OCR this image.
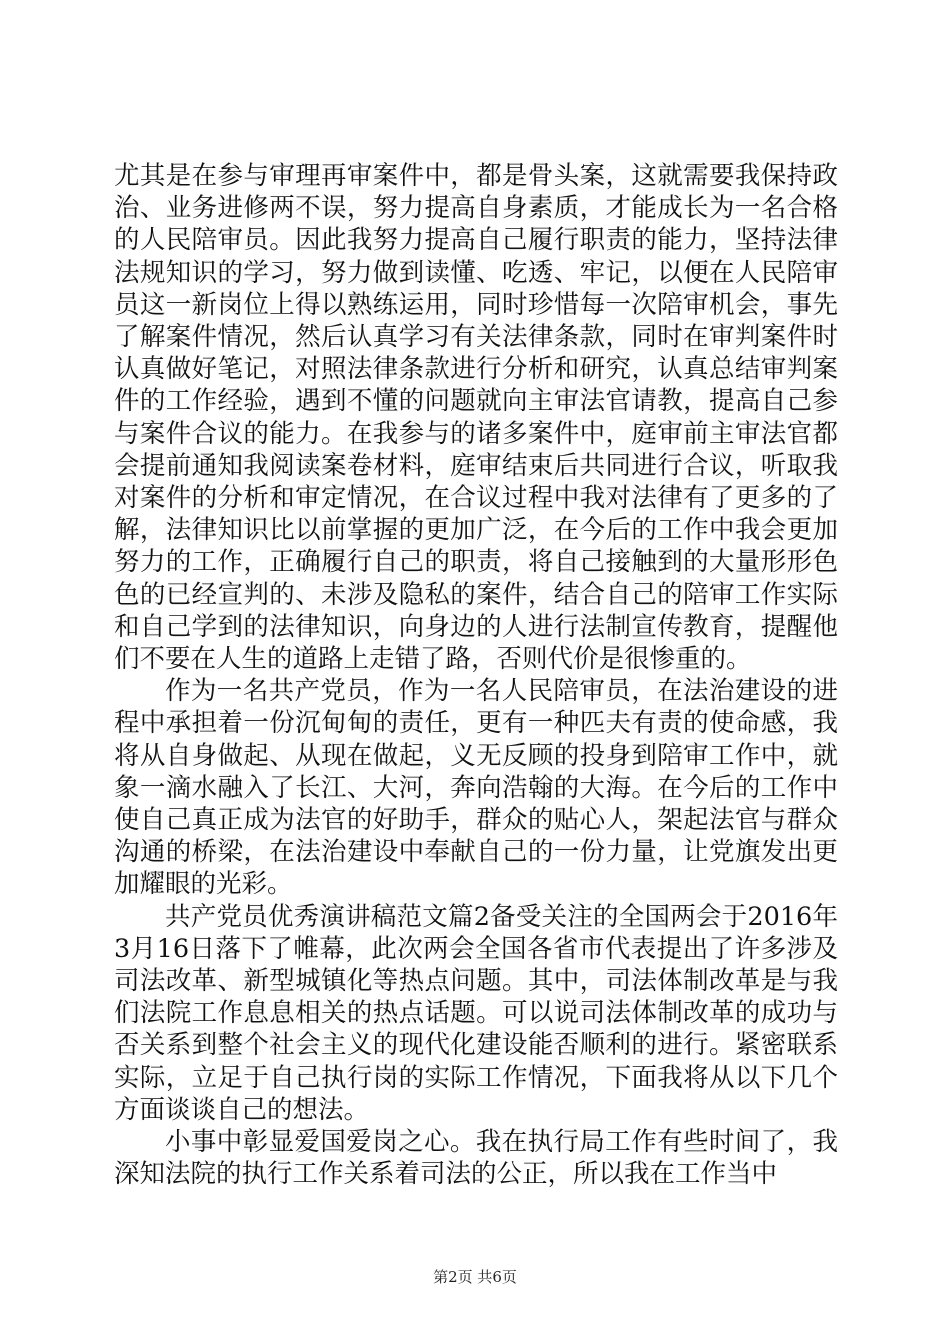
尤其是在参与审理再审案件中，都是骨头案，这就需要我保持政治、业务进修两不误，努力提高自身素质，才能成长为一名合格的人民陪审员。因此我努力提高自己履行职责的能力，坚持法律法规知识的学习，努力做到读懂、吃透、牢记，以便在人民陪审员这一新岗位上得以熟练运用，同时珍惜每一次陪审机会，事先了解案件情况，然后认真学习有关法律条款，同时在审判案件时认真做好笔记，对照法律条款进行分析和研究，认真总结审判案件的工作经验，遇到不懂的问题就向主审法官请教，提高自己参与案件合议的能力。在我参与的诸多案件中，庭审前主审法官都会提前通知我阅读案卷材料，庭审结束后共同进行合议，听取我对案件的分析和审定情况，在合议过程中我对法律有了更多的了解，法律知识比以前掌握的更加广泛，在今后的工作中我会更加努力的工作，正确履行自己的职责，将自己接触到的大量形形色色的已经宣判的、未涉及隐私的案件，结合自己的陪审工作实际和自己学到的法律知识，向身边的人进行法制宣传教育，提醒他们不要在人生的道路上走错了路，否则代价是很惨重的。

作为一名共产党员，作为一名人民陪审员，在法治建设的进程中承担着一份沉甸甸的责任，更有一种匹夫有责的使命感，我将从自身做起、从现在做起，义无反顾的投身到陪审工作中，就象一滴水融入了长江、大河，奔向浩翰的大海。在今后的工作中使自己真正成为法官的好助手，群众的贴心人，架起法官与群众沟通的桥梁，在法治建设中奉献自己的一份力量，让党旗发出更加耀眼的光彩。

共产党员优秀演讲稿范文篇2备受关注的全国两会于2016年3月16日落下了帷幕，此次两会全国各省市代表提出了许多涉及司法改革、新型城镇化等热点问题。其中，司法体制改革是与我们法院工作息息相关的热点话题。可以说司法体制改革的成功与否关系到整个社会主义的现代化建设能否顺利的进行。紧密联系实际，立足于自己执行岗的实际工作情况，下面我将从以下几个方面谈谈自己的想法。

小事中彰显爱国爱岗之心。我在执行局工作有些时间了，我深知法院的执行工作关系着司法的公正，所以我在工作当中

第2页 共6页
